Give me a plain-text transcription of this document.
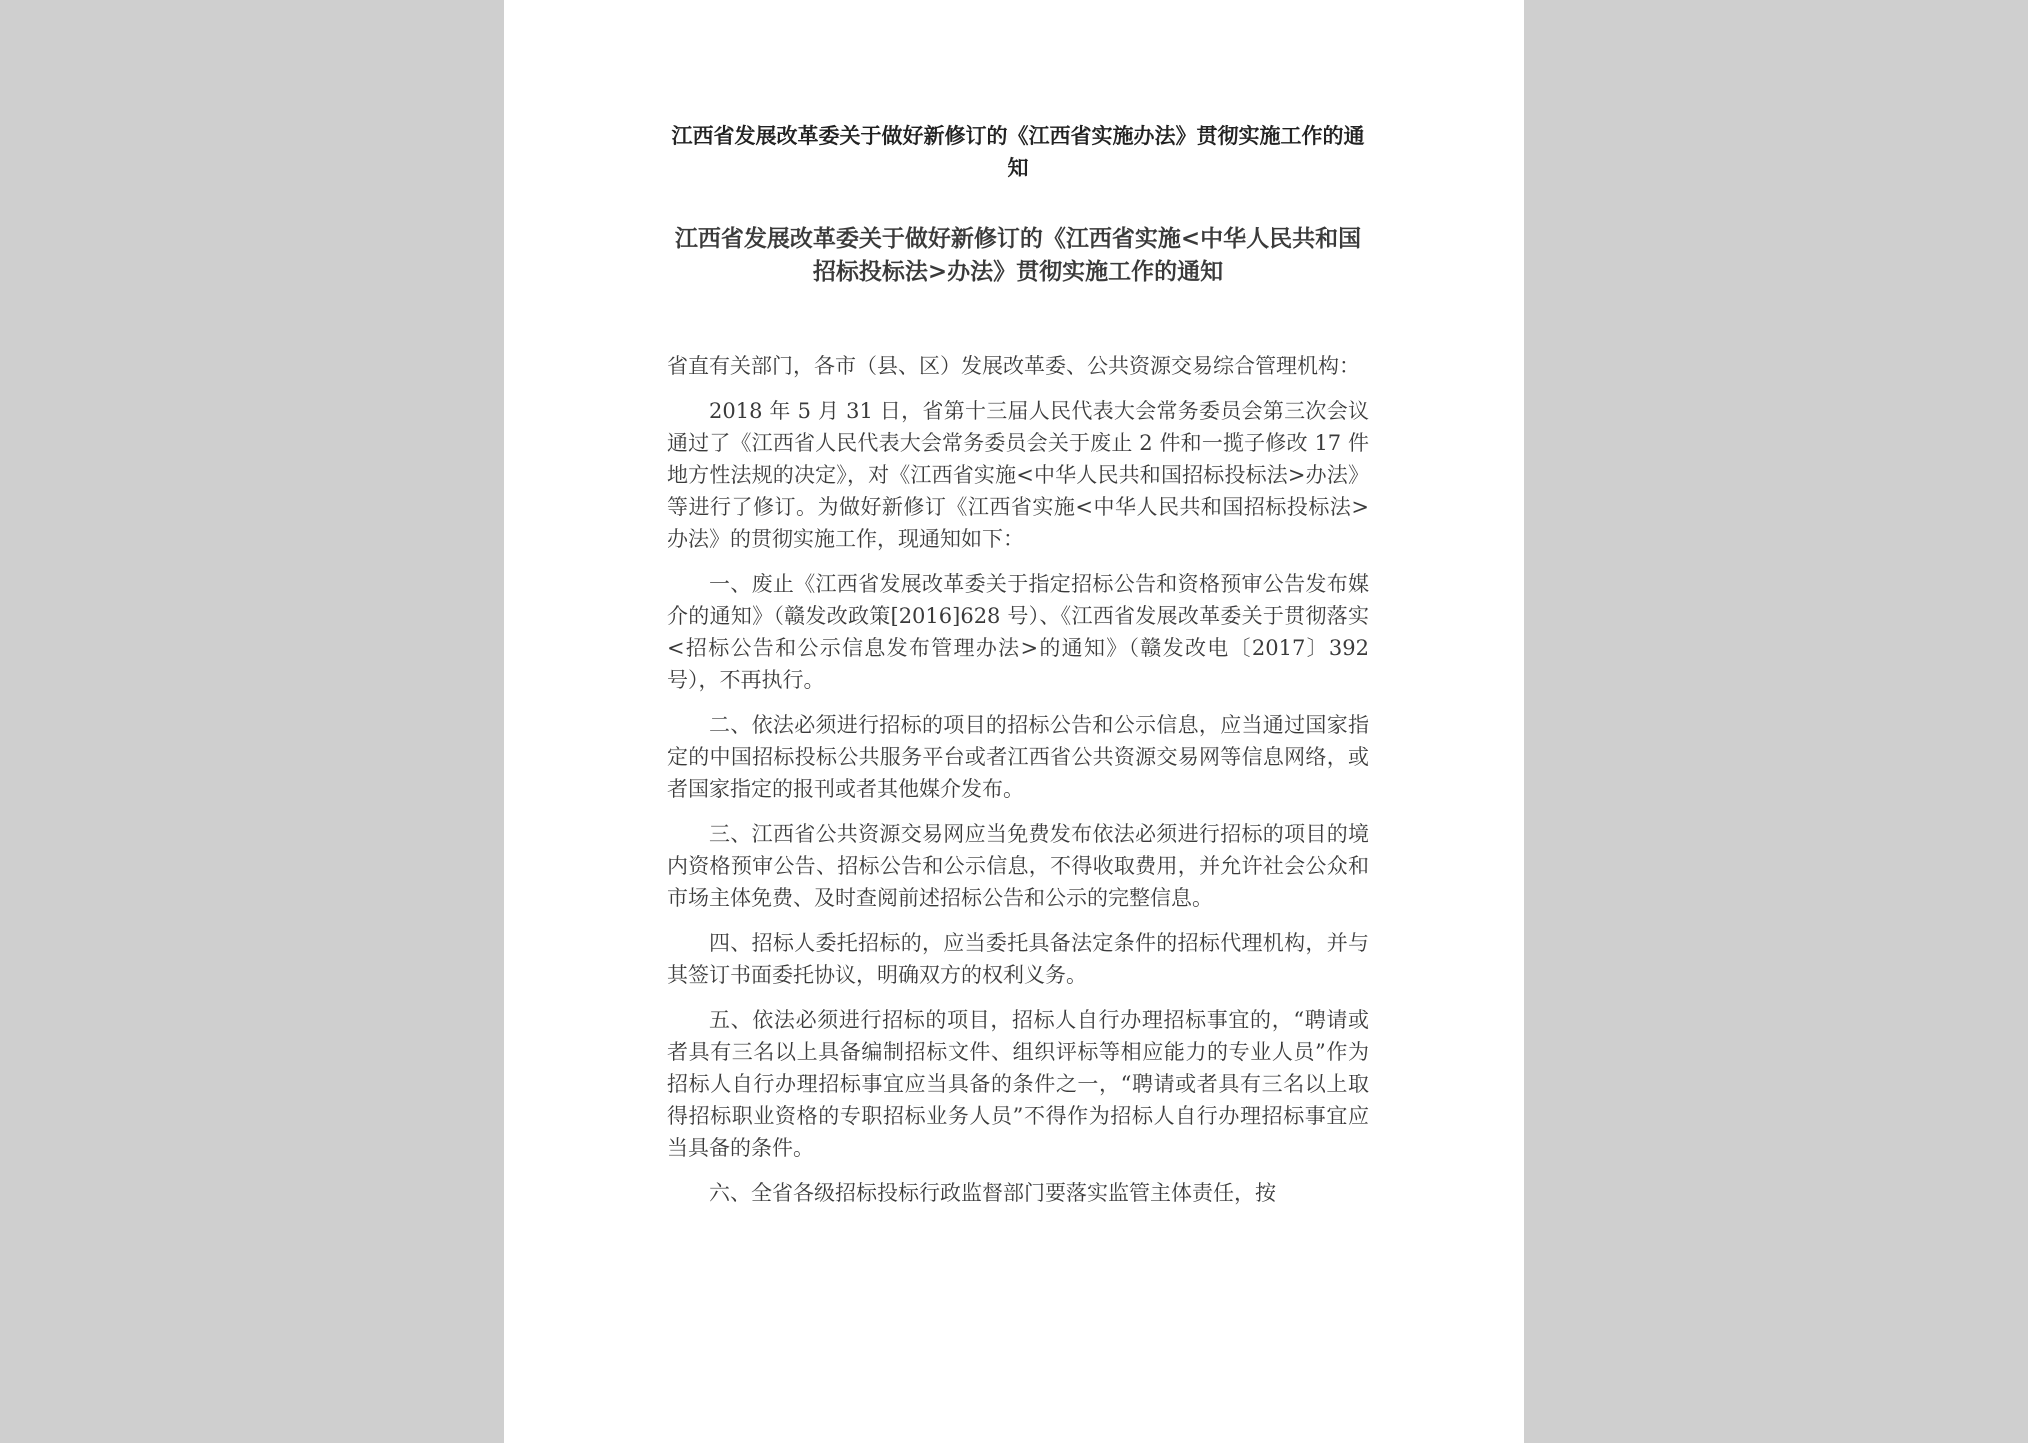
江西省发展改革委关于做好新修订的《江西省实施办法》贯彻实施工作的通知
江西省发展改革委关于做好新修订的《江西省实施<中华人民共和国招标投标法>办法》贯彻实施工作的通知

省直有关部门，各市（县、区）发展改革委、公共资源交易综合管理机构：

2018 年 5 月 31 日，省第十三届人民代表大会常务委员会第三次会议通过了《江西省人民代表大会常务委员会关于废止 2 件和一揽子修改 17 件地方性法规的决定》，对《江西省实施<中华人民共和国招标投标法>办法》等进行了修订。为做好新修订《江西省实施<中华人民共和国招标投标法>办法》的贯彻实施工作，现通知如下：

一、废止《江西省发展改革委关于指定招标公告和资格预审公告发布媒介的通知》（赣发改政策[2016]628 号）、《江西省发展改革委关于贯彻落实<招标公告和公示信息发布管理办法>的通知》（赣发改电〔2017〕392 号），不再执行。

二、依法必须进行招标的项目的招标公告和公示信息，应当通过国家指定的中国招标投标公共服务平台或者江西省公共资源交易网等信息网络，或者国家指定的报刊或者其他媒介发布。

三、江西省公共资源交易网应当免费发布依法必须进行招标的项目的境内资格预审公告、招标公告和公示信息，不得收取费用，并允许社会公众和市场主体免费、及时查阅前述招标公告和公示的完整信息。

四、招标人委托招标的，应当委托具备法定条件的招标代理机构，并与其签订书面委托协议，明确双方的权利义务。

五、依法必须进行招标的项目，招标人自行办理招标事宜的，“聘请或者具有三名以上具备编制招标文件、组织评标等相应能力的专业人员”作为招标人自行办理招标事宜应当具备的条件之一，“聘请或者具有三名以上取得招标职业资格的专职招标业务人员”不得作为招标人自行办理招标事宜应当具备的条件。

六、全省各级招标投标行政监督部门要落实监管主体责任，按
